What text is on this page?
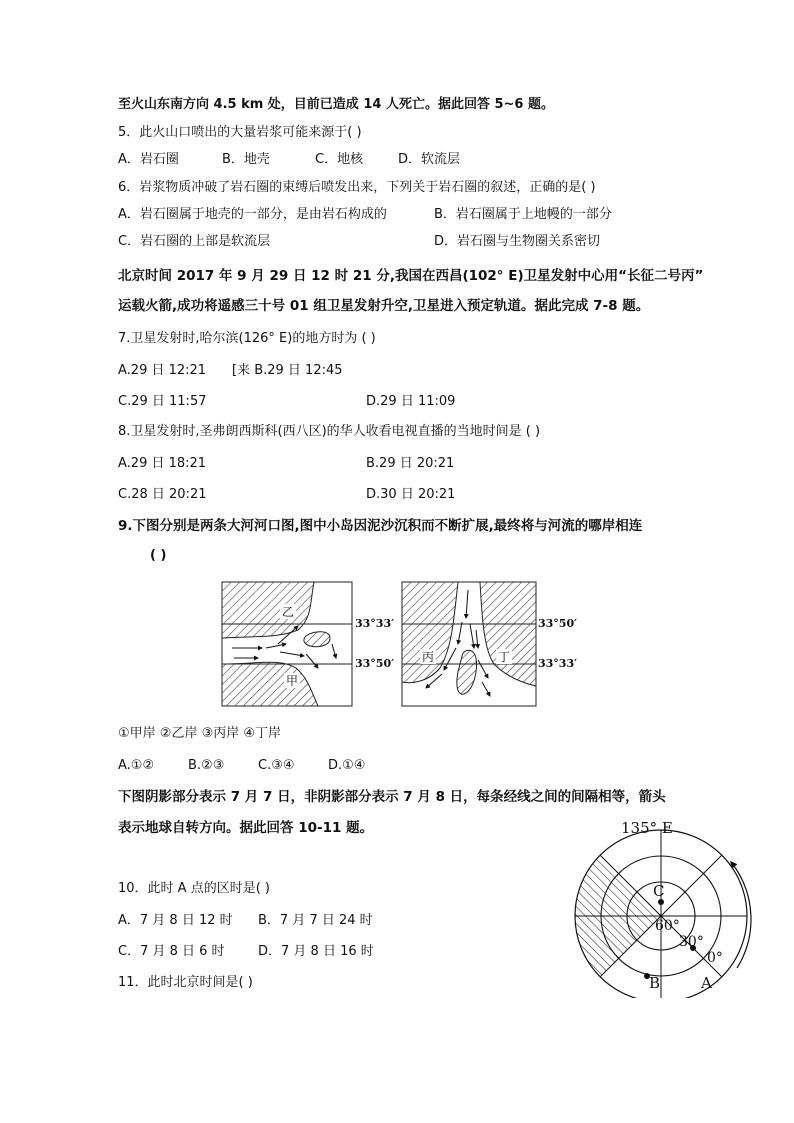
至火山东南方向 4.5 km 处，目前已造成 14 人死亡。据此回答 5~6 题。
5．此火山口喷出的大量岩浆可能来源于( )
A．岩石圈	B．地壳	C．地核	D．软流层
6．岩浆物质冲破了岩石圈的束缚后喷发出来，下列关于岩石圈的叙述，正确的是( )
A．岩石圈属于地壳的一部分，是由岩石构成的	B．岩石圈属于上地幔的一部分
C．岩石圈的上部是软流层	D．岩石圈与生物圈关系密切
北京时间 2017 年 9 月 29 日 12 时 21 分,我国在西昌(102° E)卫星发射中心用“长征二号丙”
运载火箭,成功将遥感三十号 01 组卫星发射升空,卫星进入预定轨道。据此完成 7-8 题。
7.卫星发射时,哈尔滨(126° E)的地方时为 ( )
A.29 日 12:21 [来 B.29 日 12:45
C.29 日 11:57	D.29 日 11:09
8.卫星发射时,圣弗朗西斯科(西八区)的华人收看电视直播的当地时间是 ( )
A.29 日 18:21	B.29 日 20:21
C.28 日 20:21	D.30 日 20:21
9.下图分别是两条大河河口图,图中小岛因泥沙沉积而不断扩展,最终将与河流的哪岸相连
( )
乙
甲
33°33′
33°50′ 丙	丁
33°50′
33°33′
①甲岸 ②乙岸 ③丙岸 ④丁岸
A.①②	B.②③	C.③④	D.①④
下图阴影部分表示 7 月 7 日，非阴影部分表示 7 月 8 日，每条经线之间的间隔相等，箭头
表示地球自转方向。据此回答 10-11 题。
10．此时 A 点的区时是( )
A．7 月 8 日 12 时 B．7 月 7 日 24 时
C．7 月 8 日 6 时	D．7 月 8 日 16 时
11．此时北京时间是( )
135° E
C
B	A
60°
30°
0°
